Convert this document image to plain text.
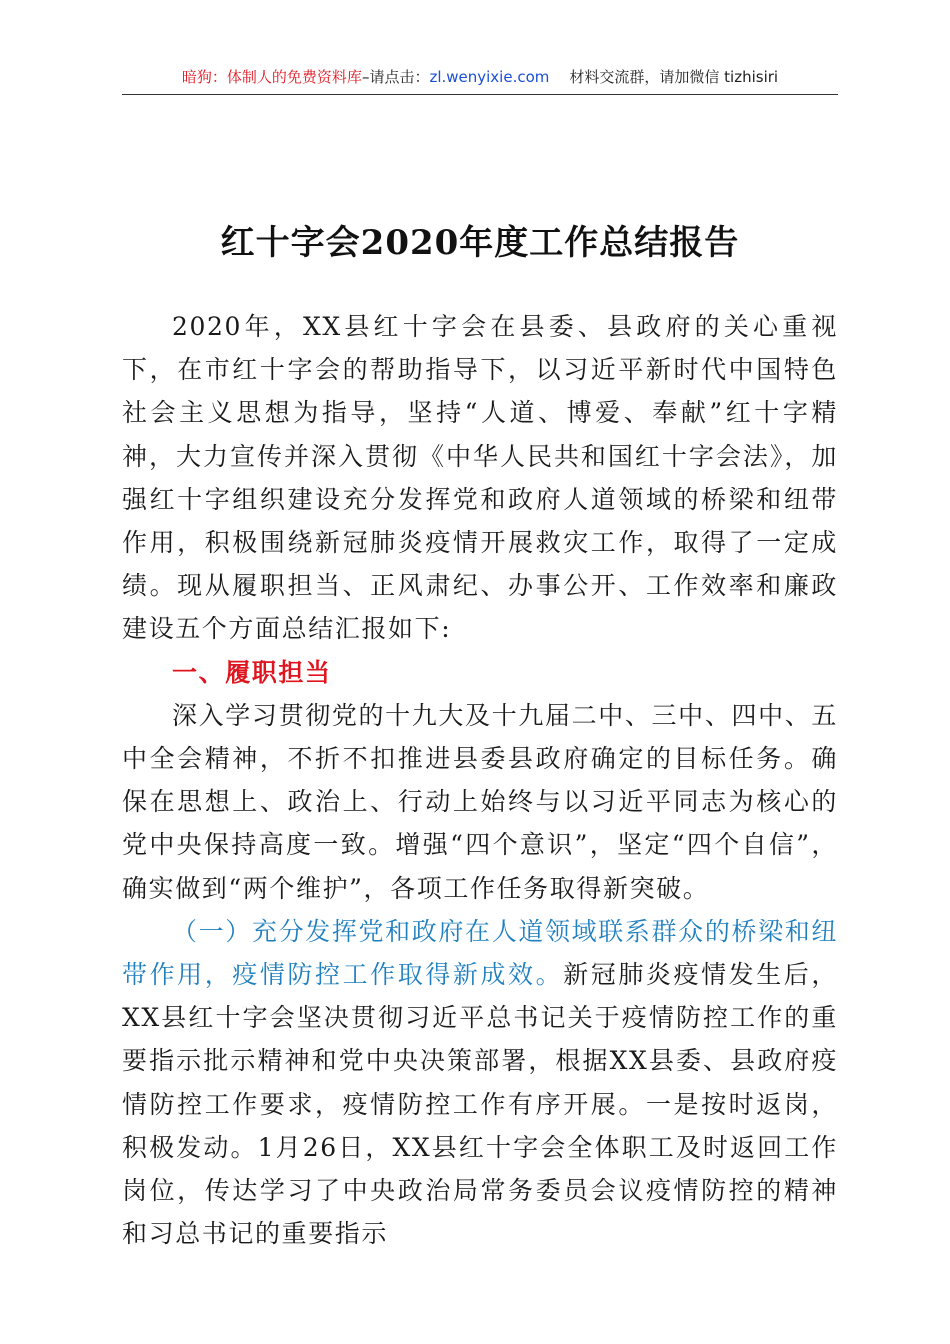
暗狗：体制人的免费资料库–请点击：zl.wenyixie.com 材料交流群，请加微信 tizhisiri
红十字会2020年度工作总结报告

2020年，XX县红十字会在县委、县政府的关心重视下，在市红十字会的帮助指导下，以习近平新时代中国特色社会主义思想为指导，坚持“人道、博爱、奉献”红十字精神，大力宣传并深入贯彻《中华人民共和国红十字会法》，加强红十字组织建设充分发挥党和政府人道领域的桥梁和纽带作用，积极围绕新冠肺炎疫情开展救灾工作，取得了一定成绩。现从履职担当、正风肃纪、办事公开、工作效率和廉政建设五个方面总结汇报如下:

一、履职担当

深入学习贯彻党的十九大及十九届二中、三中、四中、五中全会精神，不折不扣推进县委县政府确定的目标任务。确保在思想上、政治上、行动上始终与以习近平同志为核心的党中央保持高度一致。增强“四个意识”，坚定“四个自信”，确实做到“两个维护”，各项工作任务取得新突破。

（一）充分发挥党和政府在人道领域联系群众的桥梁和纽带作用，疫情防控工作取得新成效。新冠肺炎疫情发生后，XX县红十字会坚决贯彻习近平总书记关于疫情防控工作的重要指示批示精神和党中央决策部署，根据XX县委、县政府疫情防控工作要求，疫情防控工作有序开展。一是按时返岗，积极发动。1月26日，XX县红十字会全体职工及时返回工作岗位，传达学习了中央政治局常务委员会议疫情防控的精神和习总书记的重要指示
